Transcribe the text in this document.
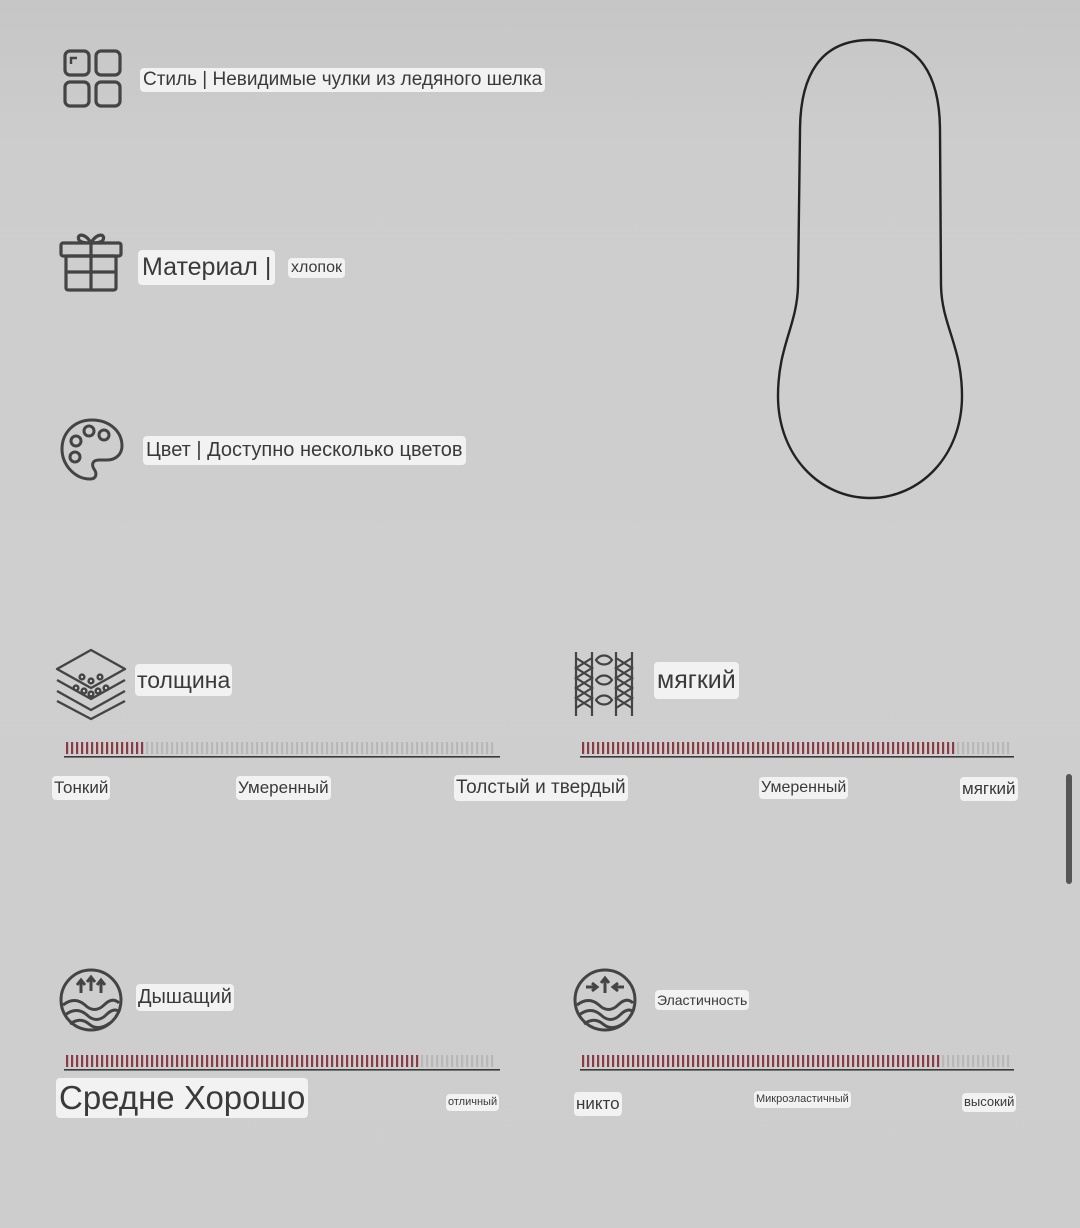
Стиль | Невидимые чулки из ледяного шелка
Материал | хлопок
Цвет | Доступно несколько цветов
толщина
Тонкий	Умеренный	Толстый и твердый
мягкий
Умеренный	мягкий
Дышащий
Средне Хорошо	отличный
Эластичность
никто	Микроэластичный	высокий
